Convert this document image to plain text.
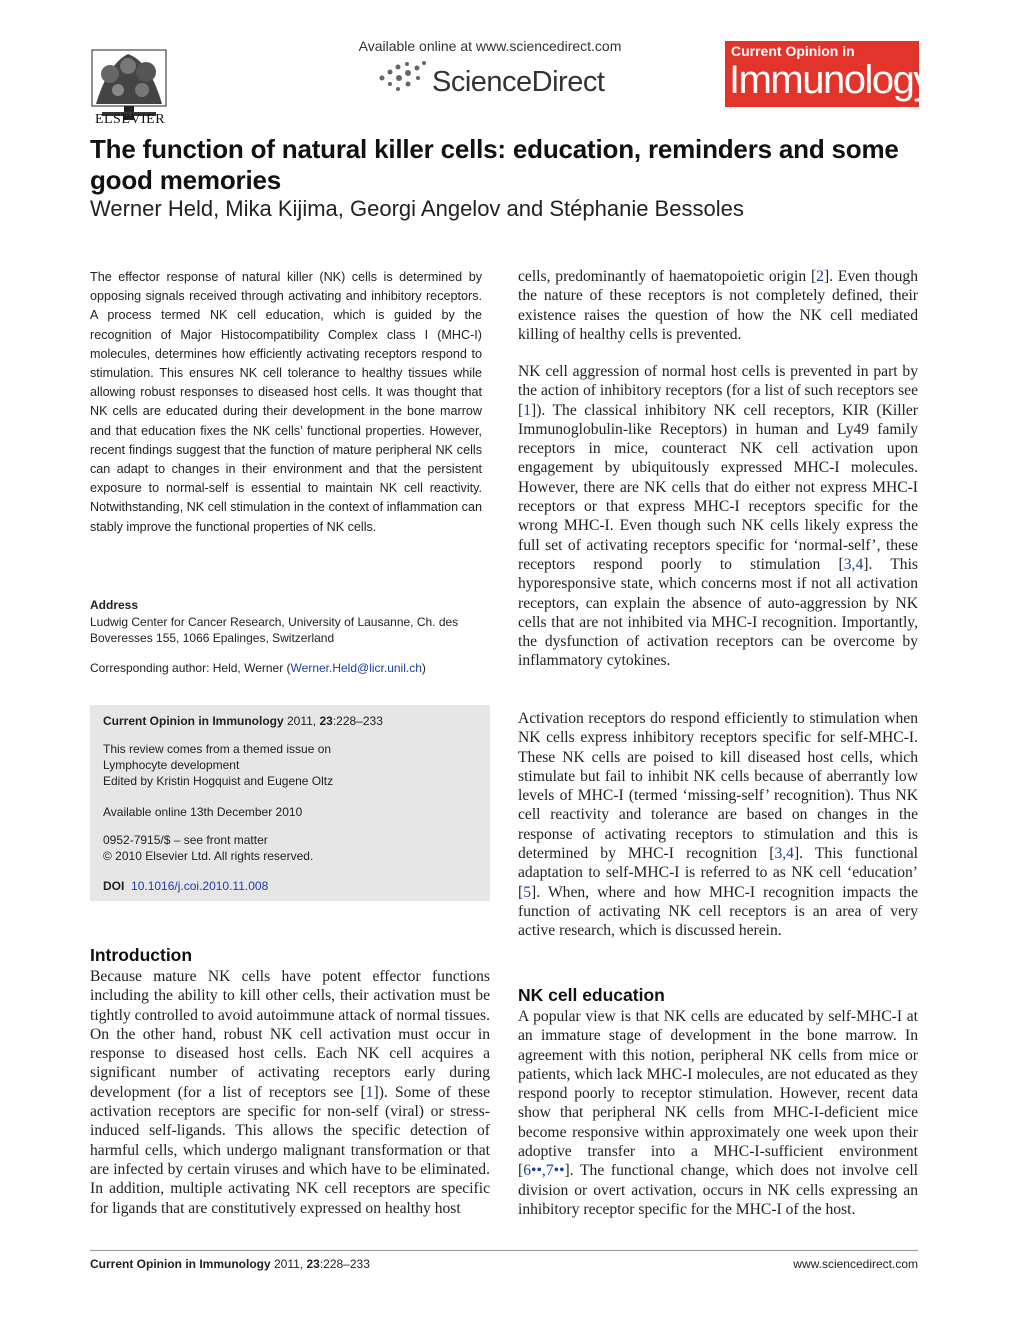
ELSEVIER
Available online at www.sciencedirect.com
ScienceDirect
Current Opinion in
Immunology
The function of natural killer cells: education, reminders and some good memories
Werner Held, Mika Kijima, Georgi Angelov and Stéphanie Bessoles

The effector response of natural killer (NK) cells is determined by opposing signals received through activating and inhibitory receptors. A process termed NK cell education, which is guided by the recognition of Major Histocompatibility Complex class I (MHC-I) molecules, determines how efficiently activating receptors respond to stimulation. This ensures NK cell tolerance to healthy tissues while allowing robust responses to diseased host cells. It was thought that NK cells are educated during their development in the bone marrow and that education fixes the NK cells’ functional properties. However, recent findings suggest that the function of mature peripheral NK cells can adapt to changes in their environment and that the persistent exposure to normal-self is essential to maintain NK cell reactivity. Notwithstanding, NK cell stimulation in the context of inflammation can stably improve the functional properties of NK cells.

Address
Ludwig Center for Cancer Research, University of Lausanne, Ch. des Boveresses 155, 1066 Epalinges, Switzerland
Corresponding author: Held, Werner (Werner.Held@licr.unil.ch)
Current Opinion in Immunology 2011, 23:228–233
This review comes from a themed issue on
Lymphocyte development
Edited by Kristin Hogquist and Eugene Oltz
Available online 13th December 2010
0952-7915/$ – see front matter
© 2010 Elsevier Ltd. All rights reserved.
DOI 10.1016/j.coi.2010.11.008
Introduction

Because mature NK cells have potent effector functions including the ability to kill other cells, their activation must be tightly controlled to avoid autoimmune attack of normal tissues. On the other hand, robust NK cell activation must occur in response to diseased host cells. Each NK cell acquires a significant number of activating receptors early during development (for a list of receptors see [1]). Some of these activation receptors are specific for non-self (viral) or stress-induced self-ligands. This allows the specific detection of harmful cells, which undergo malignant transformation or that are infected by certain viruses and which have to be eliminated. In addition, multiple activating NK cell receptors are specific for ligands that are constitutively expressed on healthy host

cells, predominantly of haematopoietic origin [2]. Even though the nature of these receptors is not completely defined, their existence raises the question of how the NK cell mediated killing of healthy cells is prevented.
NK cell aggression of normal host cells is prevented in part by the action of inhibitory receptors (for a list of such receptors see [1]). The classical inhibitory NK cell receptors, KIR (Killer Immunoglobulin-like Receptors) in human and Ly49 family receptors in mice, counteract NK cell activation upon engagement by ubiquitously expressed MHC-I molecules. However, there are NK cells that do either not express MHC-I receptors or that express MHC-I receptors specific for the wrong MHC-I. Even though such NK cells likely express the full set of activating receptors specific for ‘normal-self’, these receptors respond poorly to stimulation [3,4]. This hyporesponsive state, which concerns most if not all activation receptors, can explain the absence of auto-aggression by NK cells that are not inhibited via MHC-I recognition. Importantly, the dysfunction of activation receptors can be overcome by inflammatory cytokines.
Activation receptors do respond efficiently to stimulation when NK cells express inhibitory receptors specific for self-MHC-I. These NK cells are poised to kill diseased host cells, which stimulate but fail to inhibit NK cells because of aberrantly low levels of MHC-I (termed ‘missing-self’ recognition). Thus NK cell reactivity and tolerance are based on changes in the response of activating receptors to stimulation and this is determined by MHC-I recognition [3,4]. This functional adaptation to self-MHC-I is referred to as NK cell ‘education’ [5]. When, where and how MHC-I recognition impacts the function of activating NK cell receptors is an area of very active research, which is discussed herein.
NK cell education
A popular view is that NK cells are educated by self-MHC-I at an immature stage of development in the bone marrow. In agreement with this notion, peripheral NK cells from mice or patients, which lack MHC-I molecules, are not educated as they respond poorly to receptor stimulation. However, recent data show that peripheral NK cells from MHC-I-deficient mice become responsive within approximately one week upon their adoptive transfer into a MHC-I-sufficient environment [6••,7••]. The functional change, which does not involve cell division or overt activation, occurs in NK cells expressing an inhibitory receptor specific for the MHC-I of the host.
Current Opinion in Immunology 2011, 23:228–233	www.sciencedirect.com
